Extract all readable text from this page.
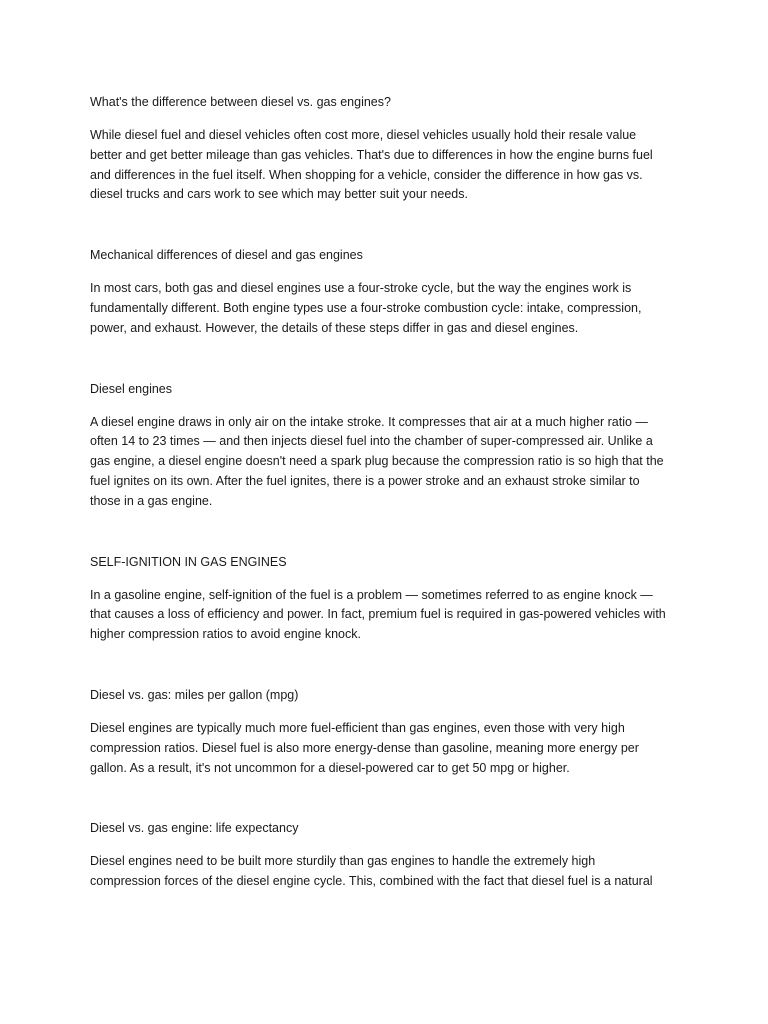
What's the difference between diesel vs. gas engines?

While diesel fuel and diesel vehicles often cost more, diesel vehicles usually hold their resale value
better and get better mileage than gas vehicles. That's due to differences in how the engine burns fuel
and differences in the fuel itself. When shopping for a vehicle, consider the difference in how gas vs.
diesel trucks and cars work to see which may better suit your needs.

Mechanical differences of diesel and gas engines

In most cars, both gas and diesel engines use a four-stroke cycle, but the way the engines work is
fundamentally different. Both engine types use a four-stroke combustion cycle: intake, compression,
power, and exhaust. However, the details of these steps differ in gas and diesel engines.

Diesel engines

A diesel engine draws in only air on the intake stroke. It compresses that air at a much higher ratio —
often 14 to 23 times — and then injects diesel fuel into the chamber of super-compressed air. Unlike a
gas engine, a diesel engine doesn't need a spark plug because the compression ratio is so high that the
fuel ignites on its own. After the fuel ignites, there is a power stroke and an exhaust stroke similar to
those in a gas engine.

SELF-IGNITION IN GAS ENGINES

In a gasoline engine, self-ignition of the fuel is a problem — sometimes referred to as engine knock —
that causes a loss of efficiency and power. In fact, premium fuel is required in gas-powered vehicles with
higher compression ratios to avoid engine knock.

Diesel vs. gas: miles per gallon (mpg)

Diesel engines are typically much more fuel-efficient than gas engines, even those with very high
compression ratios. Diesel fuel is also more energy-dense than gasoline, meaning more energy per
gallon. As a result, it's not uncommon for a diesel-powered car to get 50 mpg or higher.

Diesel vs. gas engine: life expectancy

Diesel engines need to be built more sturdily than gas engines to handle the extremely high
compression forces of the diesel engine cycle. This, combined with the fact that diesel fuel is a natural
